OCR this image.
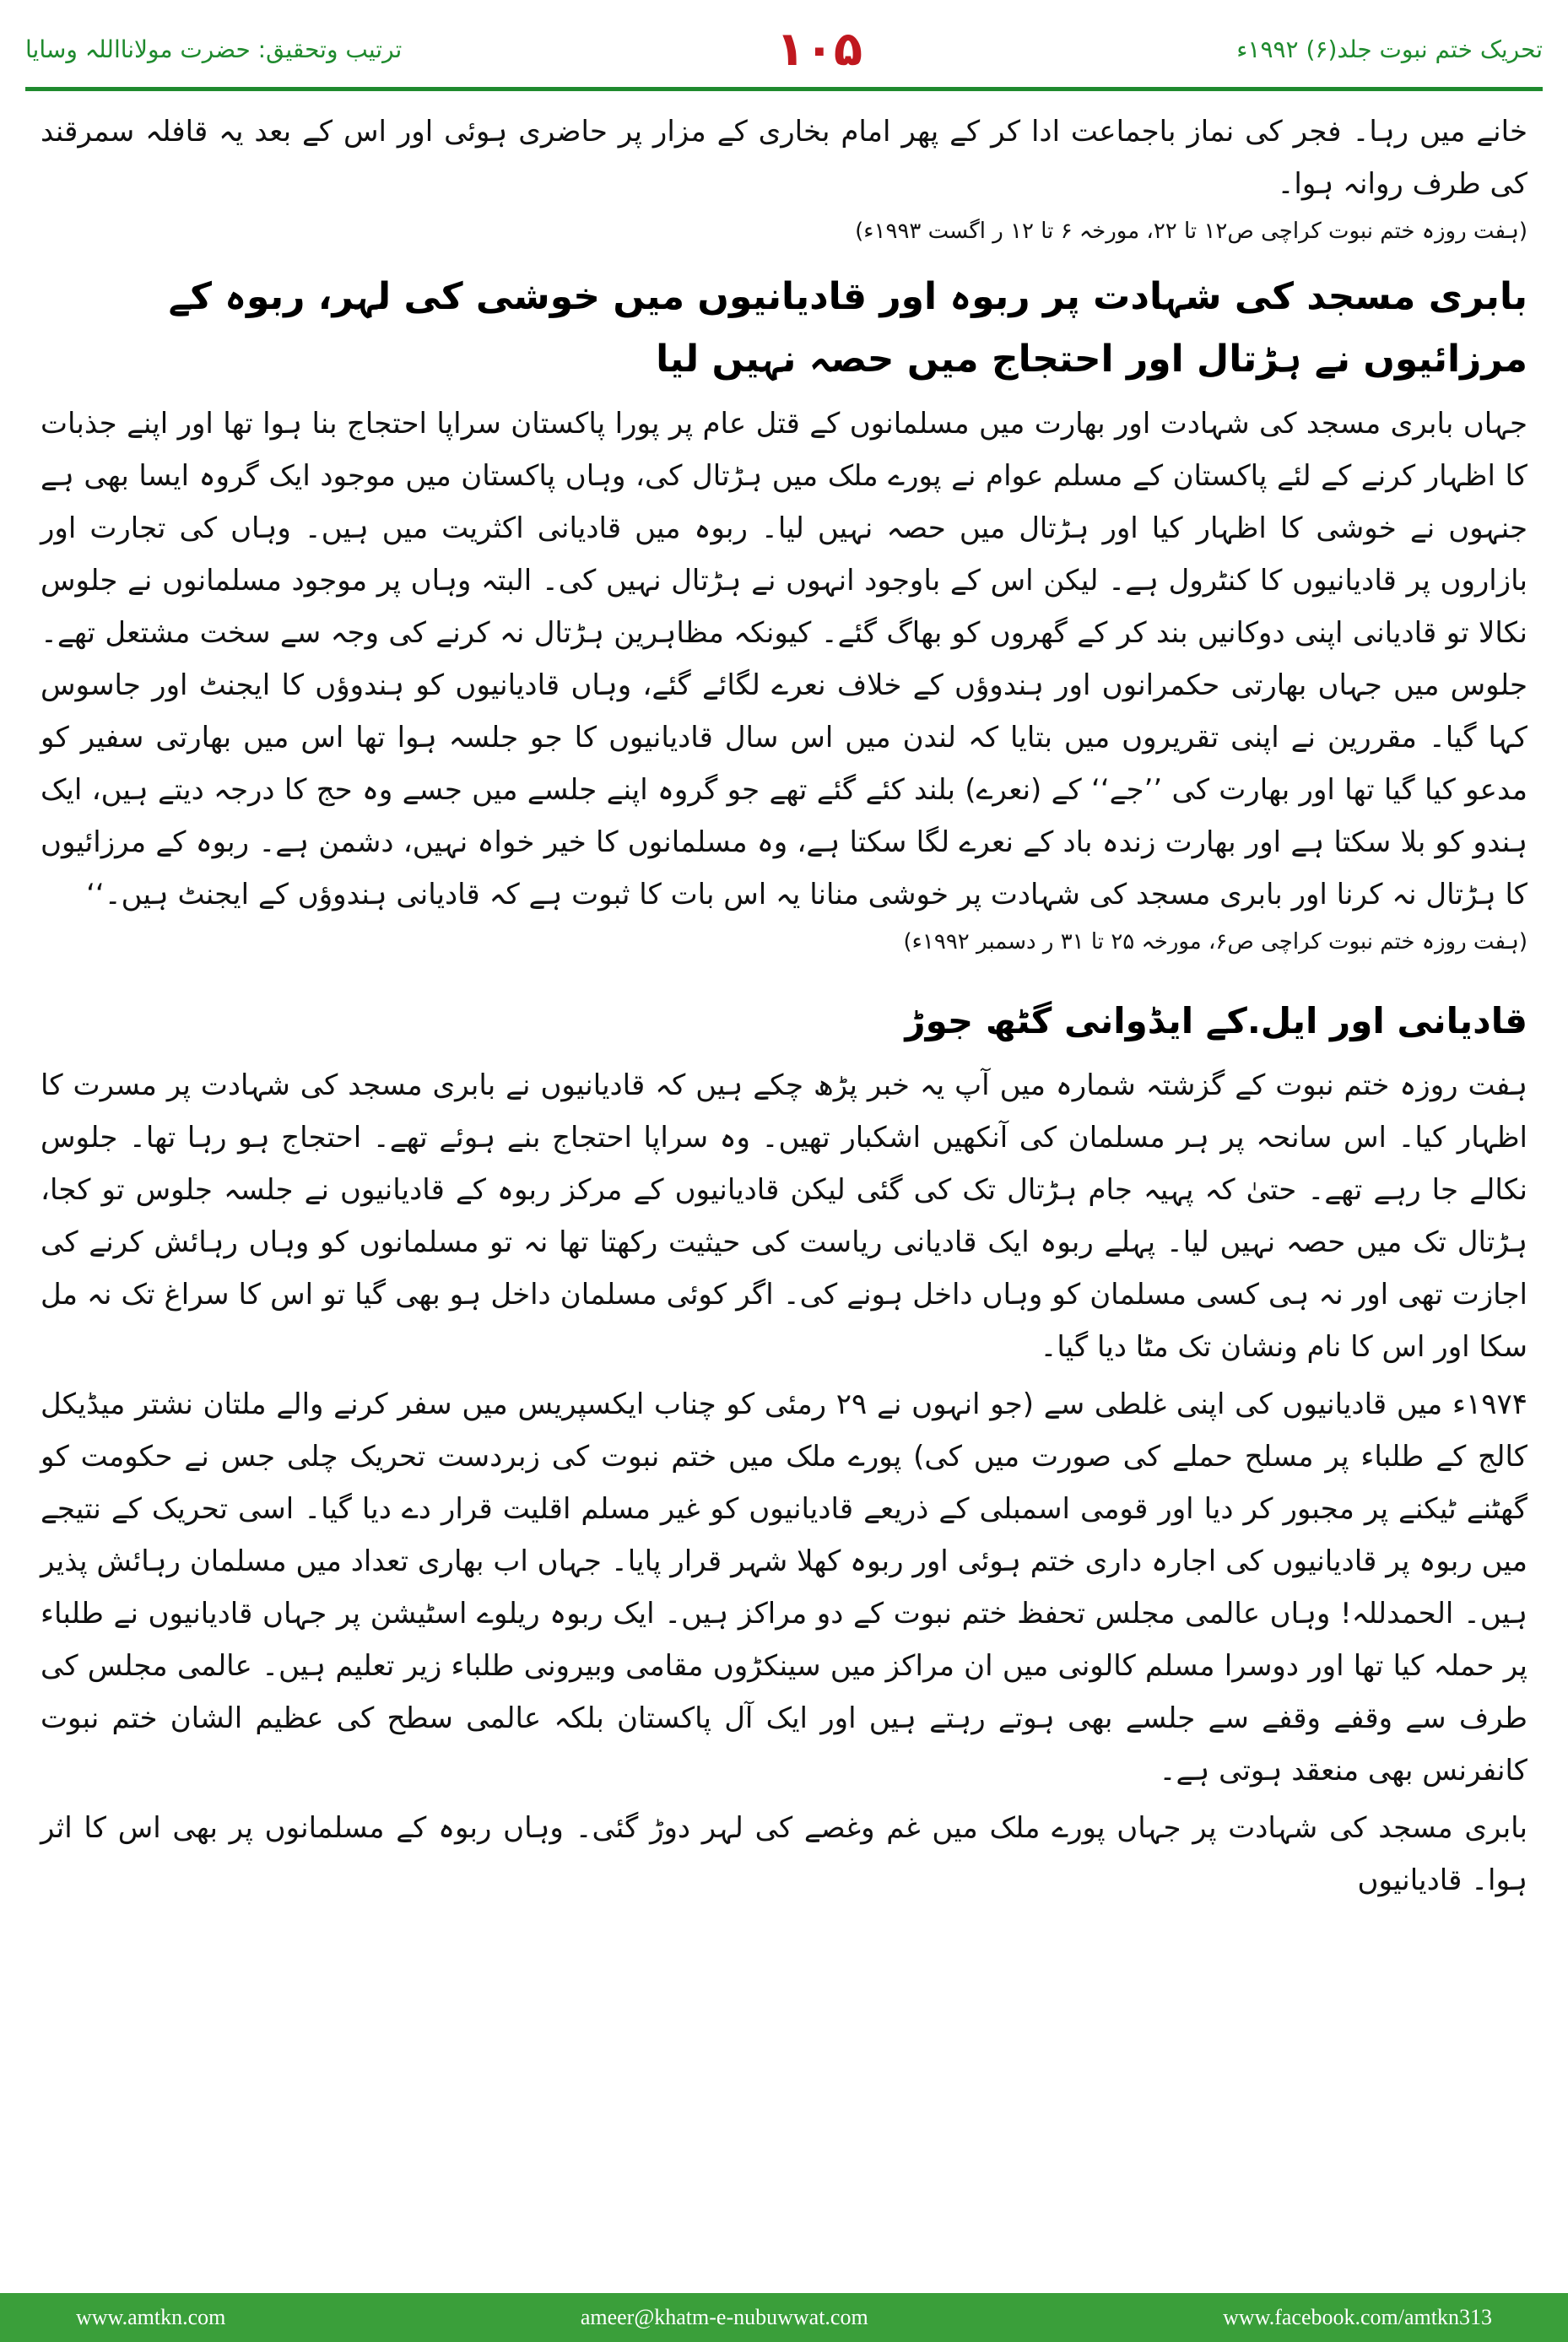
ترتیب وتحقیق: حضرت مولانااللہ وسایا	۱۰۵	تحریک ختم نبوت جلد(۶) ۱۹۹۲ء

خانے میں رہا۔ فجر کی نماز باجماعت ادا کر کے پھر امام بخاری کے مزار پر حاضری ہوئی اور اس کے بعد یہ قافلہ سمرقند کی طرف روانہ ہوا۔

(ہفت روزہ ختم نبوت کراچی ص۱۲ تا ۲۲، مورخہ ۶ تا ۱۲ ر اگست ۱۹۹۳ء)

بابری مسجد کی شہادت پر ربوہ اور قادیانیوں میں خوشی کی لہر، ربوہ کے مرزائیوں نے ہڑتال اور احتجاج میں حصہ نہیں لیا

جہاں بابری مسجد کی شہادت اور بھارت میں مسلمانوں کے قتل عام پر پورا پاکستان سراپا احتجاج بنا ہوا تھا اور اپنے جذبات کا اظہار کرنے کے لئے پاکستان کے مسلم عوام نے پورے ملک میں ہڑتال کی، وہاں پاکستان میں موجود ایک گروہ ایسا بھی ہے جنہوں نے خوشی کا اظہار کیا اور ہڑتال میں حصہ نہیں لیا۔ ربوہ میں قادیانی اکثریت میں ہیں۔ وہاں کی تجارت اور بازاروں پر قادیانیوں کا کنٹرول ہے۔ لیکن اس کے باوجود انہوں نے ہڑتال نہیں کی۔ البتہ وہاں پر موجود مسلمانوں نے جلوس نکالا تو قادیانی اپنی دوکانیں بند کر کے گھروں کو بھاگ گئے۔ کیونکہ مظاہرین ہڑتال نہ کرنے کی وجہ سے سخت مشتعل تھے۔ جلوس میں جہاں بھارتی حکمرانوں اور ہندوؤں کے خلاف نعرے لگائے گئے، وہاں قادیانیوں کو ہندوؤں کا ایجنٹ اور جاسوس کہا گیا۔ مقررین نے اپنی تقریروں میں بتایا کہ لندن میں اس سال قادیانیوں کا جو جلسہ ہوا تھا اس میں بھارتی سفیر کو مدعو کیا گیا تھا اور بھارت کی ’’جے‘‘ کے (نعرے) بلند کئے گئے تھے جو گروہ اپنے جلسے میں جسے وہ حج کا درجہ دیتے ہیں، ایک ہندو کو بلا سکتا ہے اور بھارت زندہ باد کے نعرے لگا سکتا ہے، وہ مسلمانوں کا خیر خواہ نہیں، دشمن ہے۔ ربوہ کے مرزائیوں کا ہڑتال نہ کرنا اور بابری مسجد کی شہادت پر خوشی منانا یہ اس بات کا ثبوت ہے کہ قادیانی ہندوؤں کے ایجنٹ ہیں۔‘‘

(ہفت روزہ ختم نبوت کراچی ص۶، مورخہ ۲۵ تا ۳۱ ر دسمبر ۱۹۹۲ء)

قادیانی اور ایل.کے ایڈوانی گٹھ جوڑ

ہفت روزہ ختم نبوت کے گزشتہ شمارہ میں آپ یہ خبر پڑھ چکے ہیں کہ قادیانیوں نے بابری مسجد کی شہادت پر مسرت کا اظہار کیا۔ اس سانحہ پر ہر مسلمان کی آنکھیں اشکبار تھیں۔ وہ سراپا احتجاج بنے ہوئے تھے۔ احتجاج ہو رہا تھا۔ جلوس نکالے جا رہے تھے۔ حتیٰ کہ پہیہ جام ہڑتال تک کی گئی لیکن قادیانیوں کے مرکز ربوہ کے قادیانیوں نے جلسہ جلوس تو کجا، ہڑتال تک میں حصہ نہیں لیا۔ پہلے ربوہ ایک قادیانی ریاست کی حیثیت رکھتا تھا نہ تو مسلمانوں کو وہاں رہائش کرنے کی اجازت تھی اور نہ ہی کسی مسلمان کو وہاں داخل ہونے کی۔ اگر کوئی مسلمان داخل ہو بھی گیا تو اس کا سراغ تک نہ مل سکا اور اس کا نام ونشان تک مٹا دیا گیا۔

۱۹۷۴ء میں قادیانیوں کی اپنی غلطی سے (جو انہوں نے ۲۹ رمئی کو چناب ایکسپریس میں سفر کرنے والے ملتان نشتر میڈیکل کالج کے طلباء پر مسلح حملے کی صورت میں کی) پورے ملک میں ختم نبوت کی زبردست تحریک چلی جس نے حکومت کو گھٹنے ٹیکنے پر مجبور کر دیا اور قومی اسمبلی کے ذریعے قادیانیوں کو غیر مسلم اقلیت قرار دے دیا گیا۔ اسی تحریک کے نتیجے میں ربوہ پر قادیانیوں کی اجارہ داری ختم ہوئی اور ربوہ کھلا شہر قرار پایا۔ جہاں اب بھاری تعداد میں مسلمان رہائش پذیر ہیں۔ الحمدللہ! وہاں عالمی مجلس تحفظ ختم نبوت کے دو مراکز ہیں۔ ایک ربوہ ریلوے اسٹیشن پر جہاں قادیانیوں نے طلباء پر حملہ کیا تھا اور دوسرا مسلم کالونی میں ان مراکز میں سینکڑوں مقامی وبیرونی طلباء زیر تعلیم ہیں۔ عالمی مجلس کی طرف سے وقفے وقفے سے جلسے بھی ہوتے رہتے ہیں اور ایک آل پاکستان بلکہ عالمی سطح کی عظیم الشان ختم نبوت کانفرنس بھی منعقد ہوتی ہے۔

بابری مسجد کی شہادت پر جہاں پورے ملک میں غم وغصے کی لہر دوڑ گئی۔ وہاں ربوہ کے مسلمانوں پر بھی اس کا اثر ہوا۔ قادیانیوں

www.amtkn.com	ameer@khatm-e-nubuwwat.com	www.facebook.com/amtkn313
